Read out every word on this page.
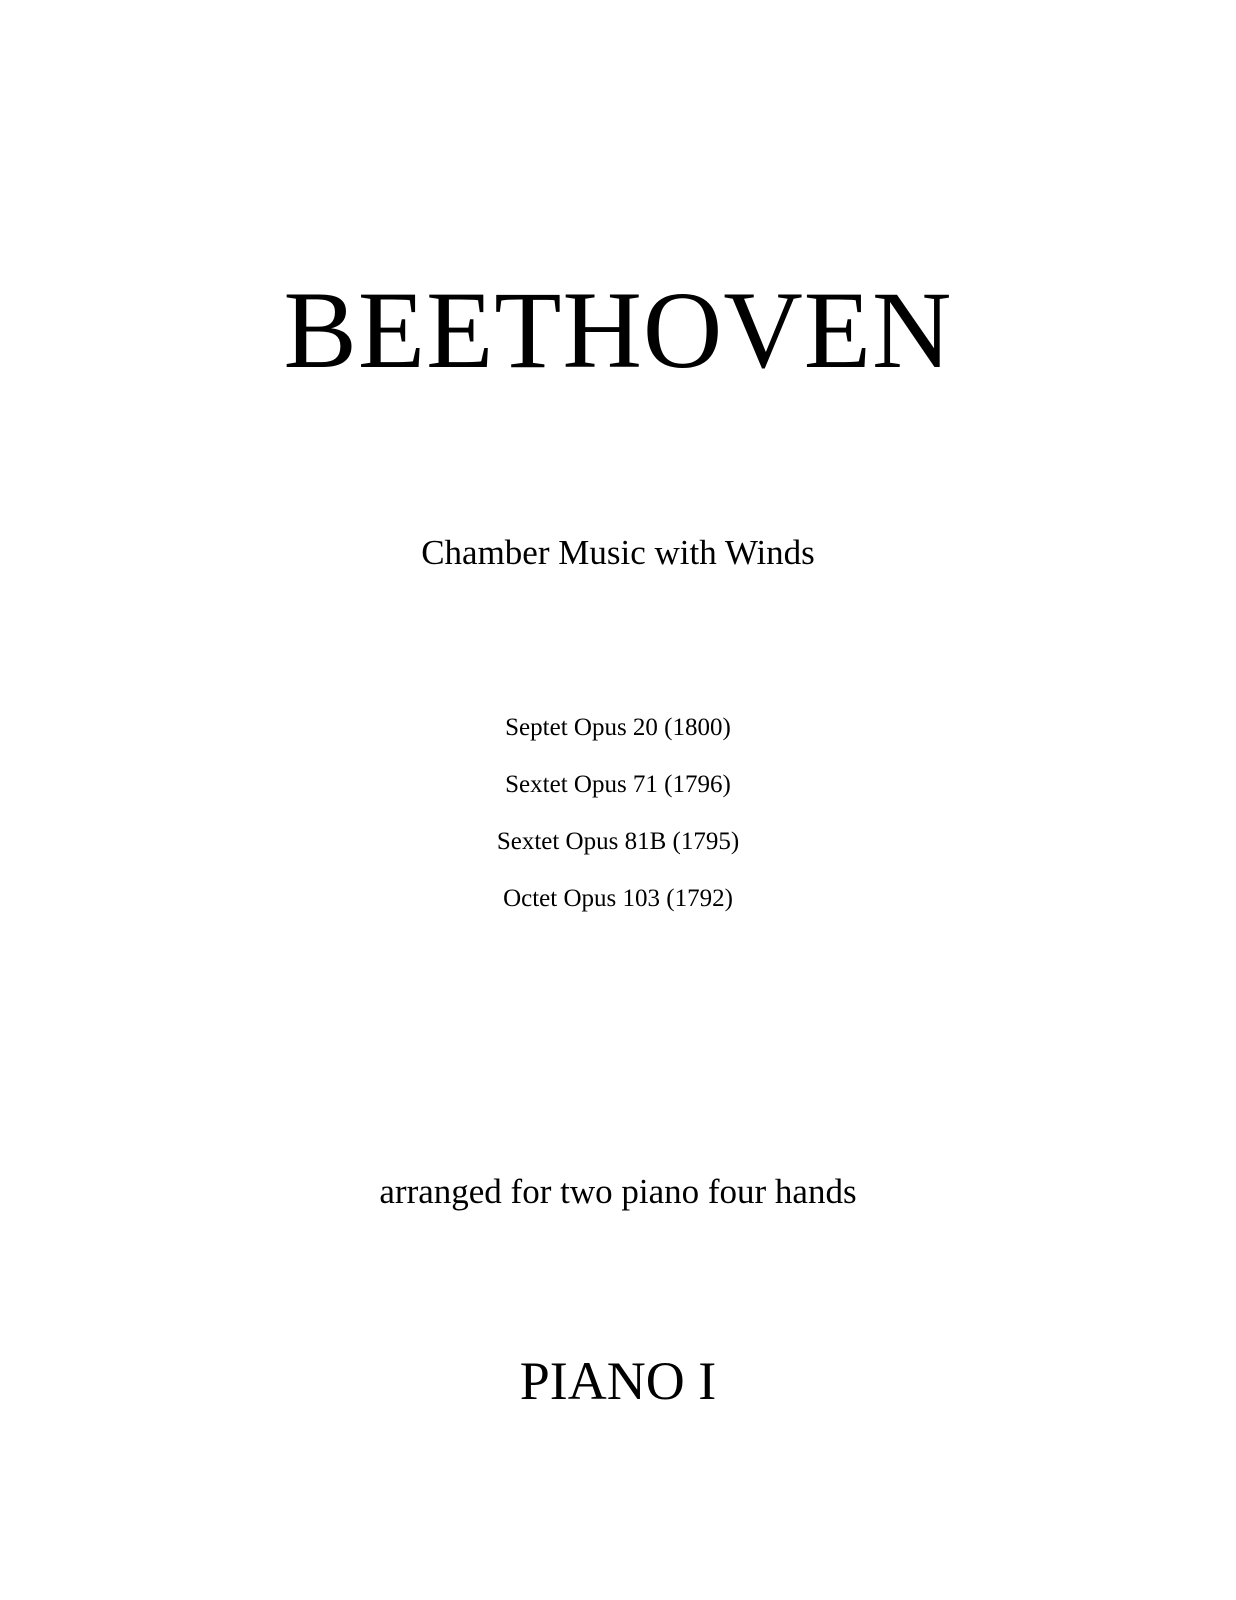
BEETHOVEN
Chamber Music with Winds
Septet Opus 20 (1800)
Sextet Opus 71 (1796)
Sextet Opus 81B (1795)
Octet Opus 103 (1792)
arranged for two piano four hands
PIANO I
